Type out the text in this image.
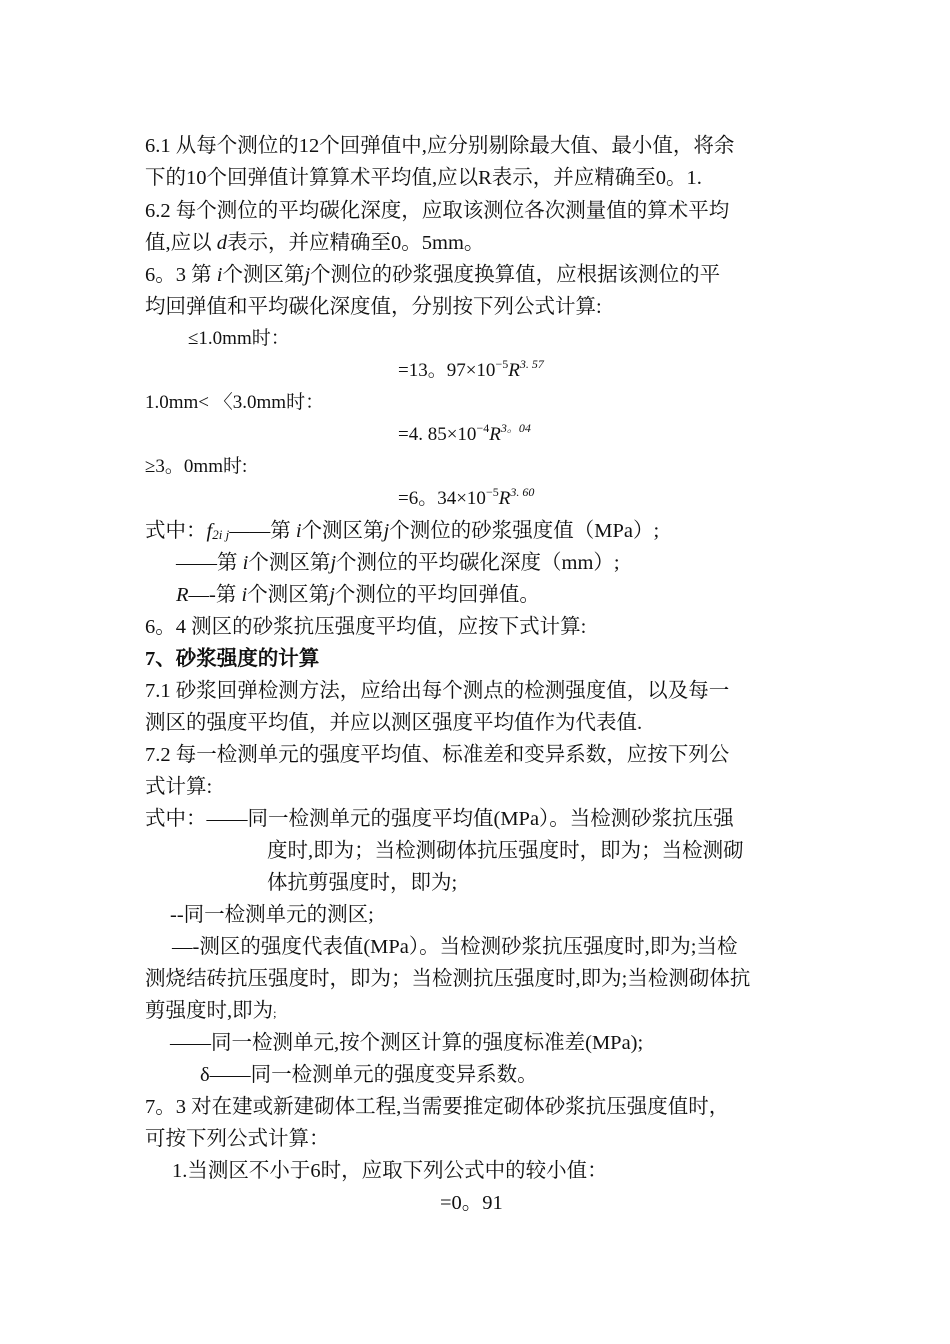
6.1 从每个测位的12个回弹值中,应分别剔除最大值、最小值，将余
下的10个回弹值计算算术平均值,应以R表示，并应精确至0。1.
6.2 每个测位的平均碳化深度，应取该测位各次测量值的算术平均
值,应以 d表示，并应精确至0。5mm。
6。3 第 i个测区第j个测位的砂浆强度换算值，应根据该测位的平
均回弹值和平均碳化深度值，分别按下列公式计算:
≤1.0mm时：
=13。$97\times 10^{-5}R^{3. 57}$
1.0mm< 〈3.0mm时：
=4. $85\times 10^{-4}R^{3。04}$
≥3。0mm时:
=6。$34\times 10^{-5}R^{3. 60}$
式中：f2i j——第 i个测区第j个测位的砂浆强度值（MPa）;
——第 i个测区第j个测位的平均碳化深度（mm）;
R—-第 i个测区第j个测位的平均回弹值。
6。4 测区的砂浆抗压强度平均值，应按下式计算:
7、砂浆强度的计算
7.1 砂浆回弹检测方法，应给出每个测点的检测强度值，以及每一
测区的强度平均值，并应以测区强度平均值作为代表值.
7.2 每一检测单元的强度平均值、标准差和变异系数，应按下列公
式计算:
式中：——同一检测单元的强度平均值(MPa）。当检测砂浆抗压强
度时,即为；当检测砌体抗压强度时，即为；当检测砌
体抗剪强度时，即为;
--同一检测单元的测区;
—-测区的强度代表值(MPa）。当检测砂浆抗压强度时,即为;当检
测烧结砖抗压强度时，即为；当检测抗压强度时,即为;当检测砌体抗
剪强度时,即为;
——同一检测单元,按个测区计算的强度标准差(MPa);
δ——同一检测单元的强度变异系数。
7。3 对在建或新建砌体工程,当需要推定砌体砂浆抗压强度值时，
可按下列公式计算：
1.当测区不小于6时，应取下列公式中的较小值：
=0。91
